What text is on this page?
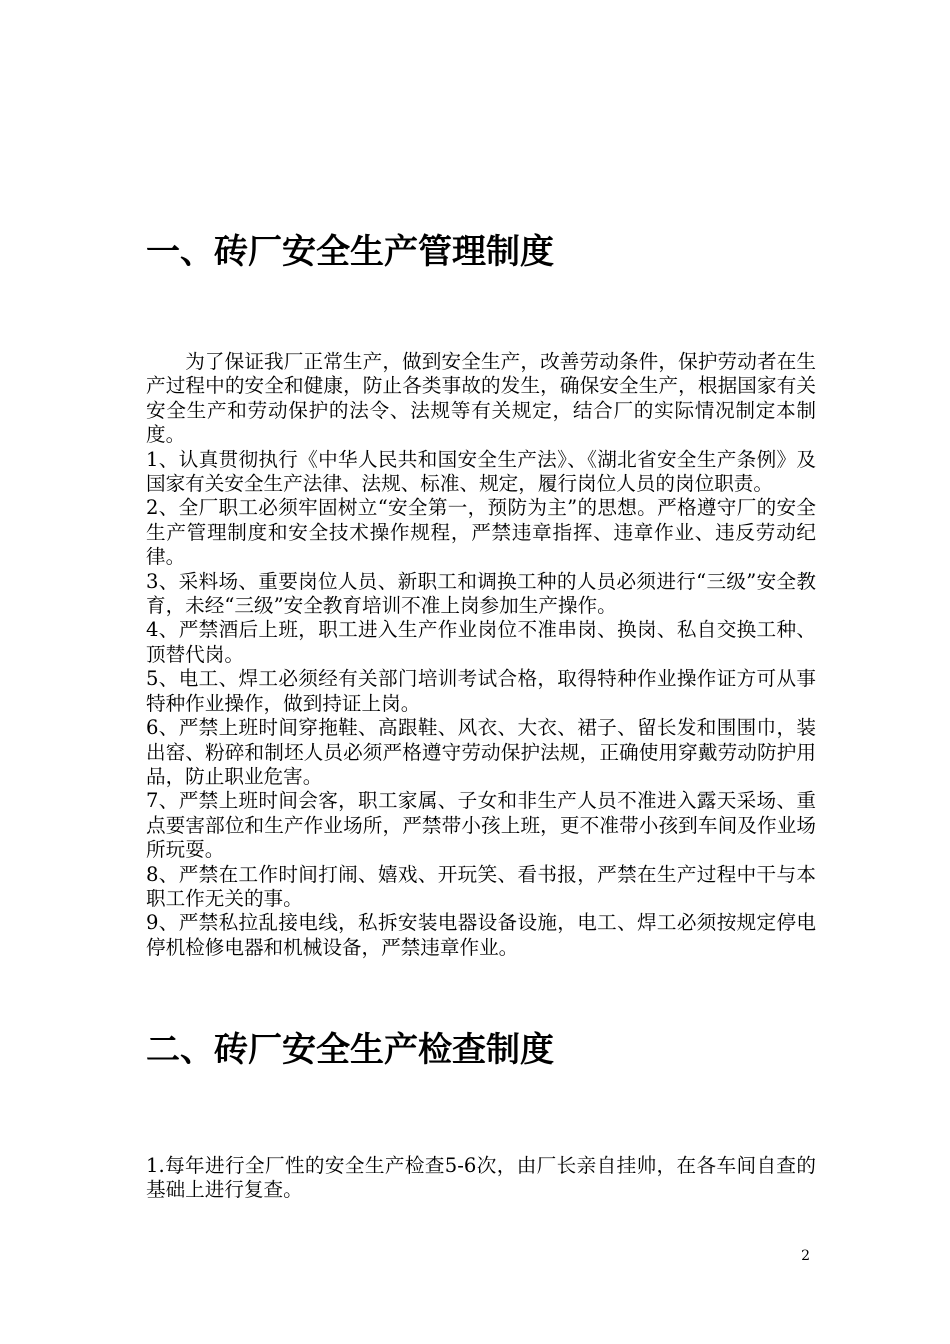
一、砖厂安全生产管理制度

为了保证我厂正常生产，做到安全生产，改善劳动条件，保护劳动者在生产过程中的安全和健康，防止各类事故的发生，确保安全生产，根据国家有关安全生产和劳动保护的法令、法规等有关规定，结合厂的实际情况制定本制度。

1、认真贯彻执行《中华人民共和国安全生产法》、《湖北省安全生产条例》及国家有关安全生产法律、法规、标准、规定，履行岗位人员的岗位职责。

2、全厂职工必须牢固树立“安全第一，预防为主”的思想。严格遵守厂的安全生产管理制度和安全技术操作规程，严禁违章指挥、违章作业、违反劳动纪律。

3、采料场、重要岗位人员、新职工和调换工种的人员必须进行“三级”安全教育，未经“三级”安全教育培训不准上岗参加生产操作。

4、严禁酒后上班，职工进入生产作业岗位不准串岗、换岗、私自交换工种、顶替代岗。

5、电工、焊工必须经有关部门培训考试合格，取得特种作业操作证方可从事特种作业操作，做到持证上岗。

6、严禁上班时间穿拖鞋、高跟鞋、风衣、大衣、裙子、留长发和围围巾，装出窑、粉碎和制坯人员必须严格遵守劳动保护法规，正确使用穿戴劳动防护用品，防止职业危害。

7、严禁上班时间会客，职工家属、子女和非生产人员不准进入露天采场、重点要害部位和生产作业场所，严禁带小孩上班，更不准带小孩到车间及作业场所玩耍。

8、严禁在工作时间打闹、嬉戏、开玩笑、看书报，严禁在生产过程中干与本职工作无关的事。

9、严禁私拉乱接电线，私拆安装电器设备设施，电工、焊工必须按规定停电停机检修电器和机械设备，严禁违章作业。

二、砖厂安全生产检查制度

1.每年进行全厂性的安全生产检查5-6次，由厂长亲自挂帅，在各车间自查的基础上进行复查。

2
